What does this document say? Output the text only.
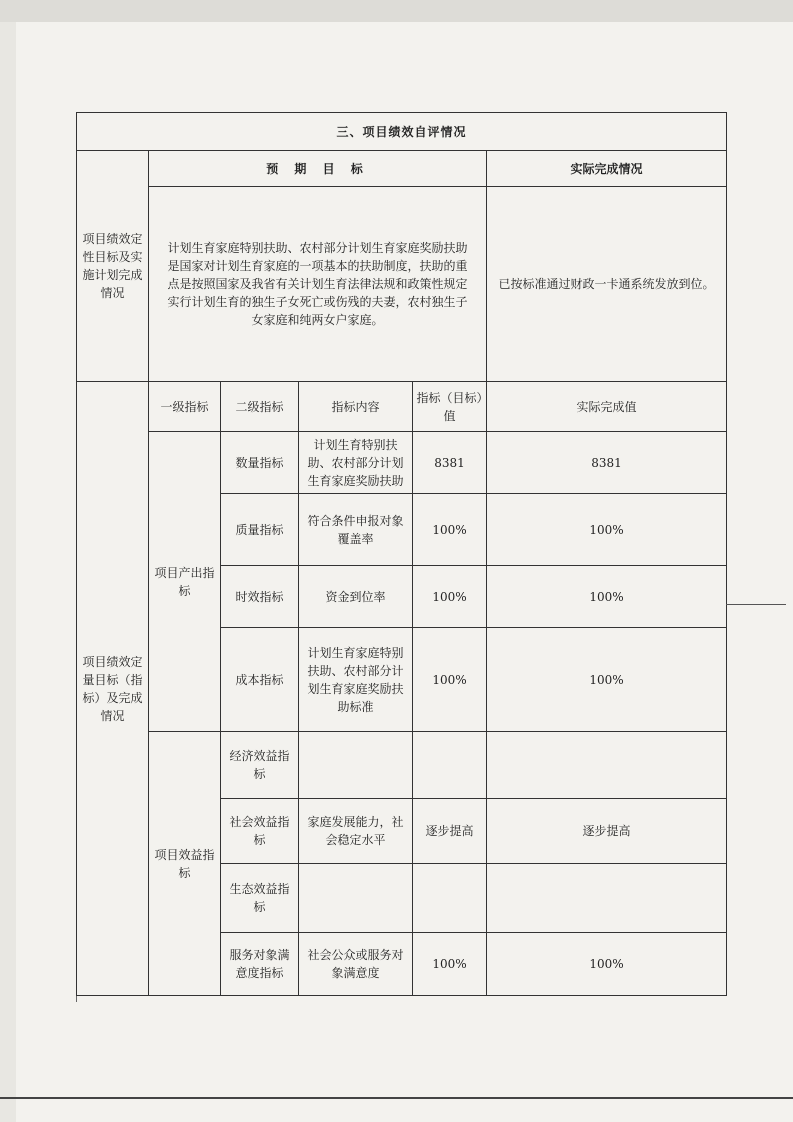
三、项目绩效自评情况					
项目绩效定性目标及实施计划完成情况	预 期 目 标				实际完成情况

	计划生育家庭特别扶助、农村部分计划生育家庭奖励扶助

是国家对计划生育家庭的一项基本的扶助制度，扶助的重

点是按照国家及我省有关计划生育法律法规和政策性规定

实行计划生育的独生子女死亡或伤残的夫妻，农村独生子

女家庭和纯两女户家庭。				已按标准通过财政一卡通系统发放到位。
项目绩效定量目标（指标）及完成情况	一级指标	二级指标	指标内容	指标（目标）值	实际完成值
	项目产出指标	数量指标	计划生育特别扶助、农村部分计划生育家庭奖励扶助	8381	8381
		质量指标	符合条件申报对象覆盖率	100%	100%
		时效指标	资金到位率	100%	100%
		成本指标	计划生育家庭特别扶助、农村部分计划生育家庭奖励扶助标准	100%	100%
	项目效益指标	经济效益指标			
		社会效益指标	家庭发展能力，社会稳定水平	逐步提高	逐步提高
		生态效益指标			
		服务对象满意度指标	社会公众或服务对象满意度	100%	100%
